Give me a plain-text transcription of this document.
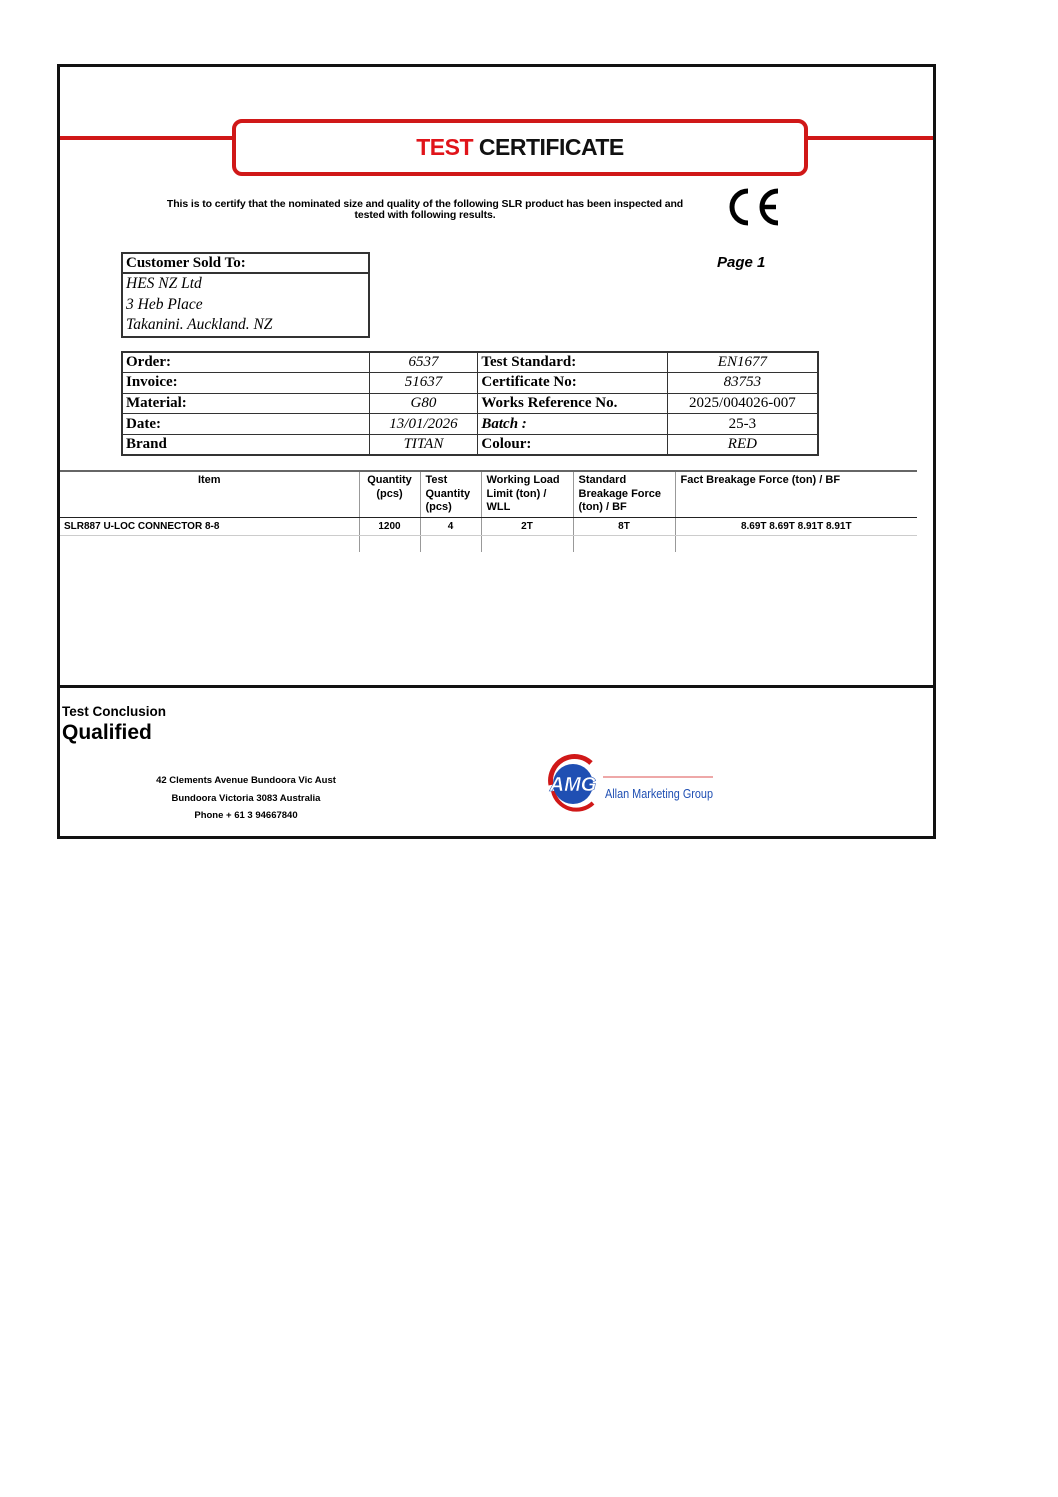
TEST CERTIFICATE
This is to certify that the nominated size and quality of the following SLR product has been inspected and tested with following results.
Page 1
Customer Sold To:
HES NZ Ltd
3 Heb Place
Takanini. Auckland. NZ
Order:	6537	Test Standard:	EN1677
Invoice:	51637	Certificate No:	83753
Material:	G80	Works Reference No.	2025/004026-007
Date:	13/01/2026	Batch :	25-3
Brand	TITAN	Colour:	RED
Item	Quantity (pcs)	Test Quantity (pcs)	Working Load Limit (ton) / WLL	Standard Breakage Force (ton) / BF	Fact Breakage Force (ton) / BF
SLR887 U-LOC CONNECTOR 8-8	1200	4	2T	8T	8.69T 8.69T 8.91T 8.91T

Test Conclusion
Qualified
42 Clements Avenue Bundoora Vic Aust
Bundoora Victoria 3083 Australia
Phone + 61 3 94667840
AMG Allan Marketing Group
